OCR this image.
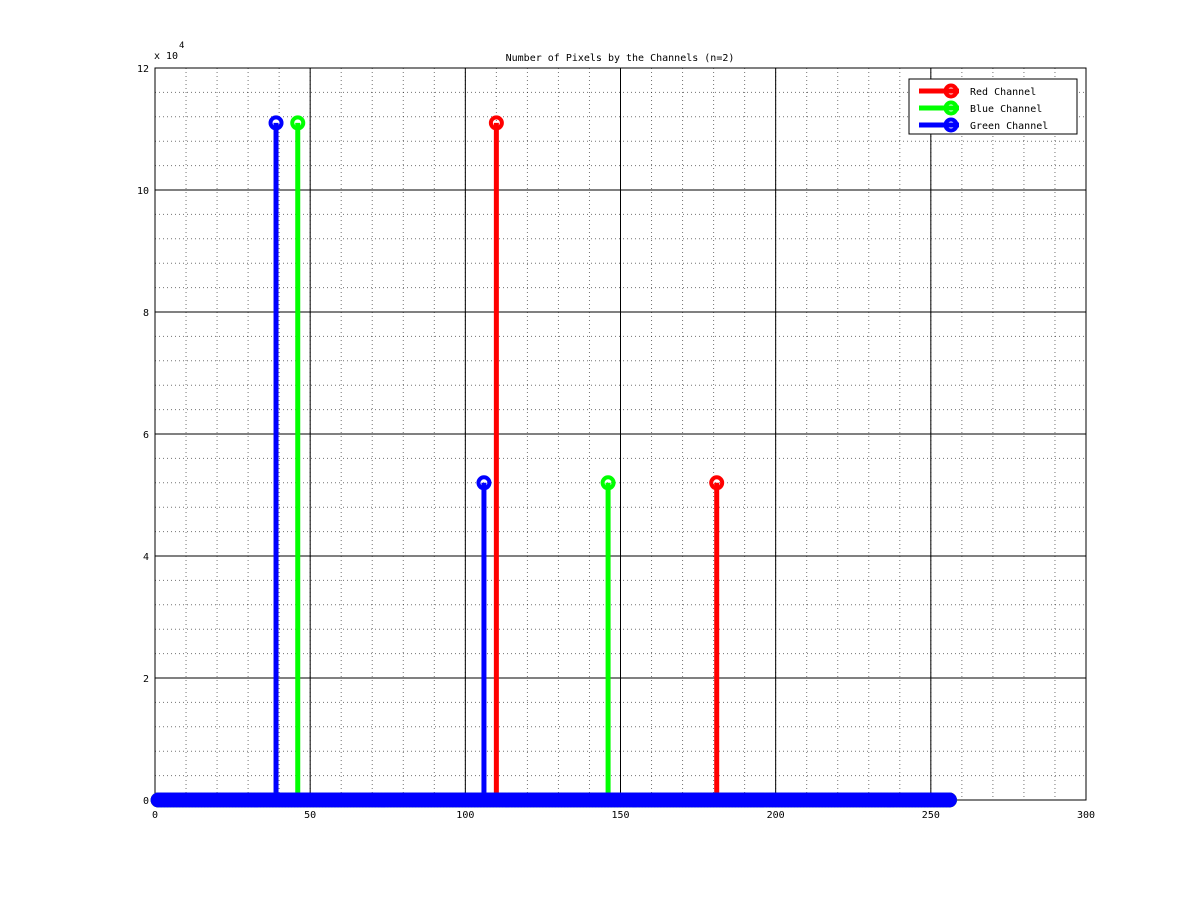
0	50	100	150	200	250	300
0
2
4
6
8
10
12
Number of Pixels by the Channels (n=2)
x 10
4
Red Channel
Blue Channel
Green Channel
